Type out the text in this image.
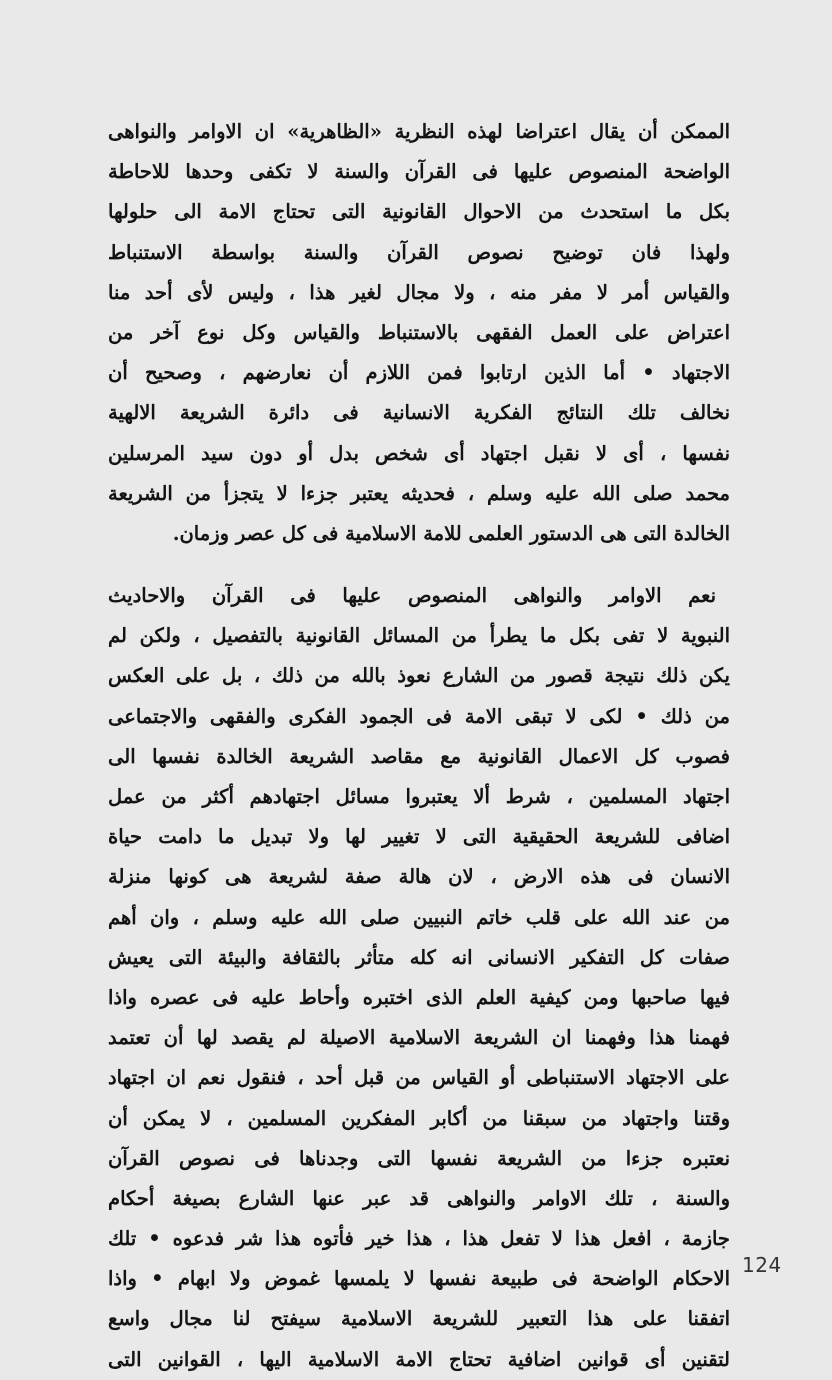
الممكن أن يقال اعتراضا لهذه النظرية «الظاهرية» ان الاوامر والنواهى
الواضحة المنصوص عليها فى القرآن والسنة لا تكفى وحدها للاحاطة
بكل ما استحدث من الاحوال القانونية التى تحتاج الامة الى حلولها
ولهذا فان توضيح نصوص القرآن والسنة بواسطة الاستنباط
والقياس أمر لا مفر منه ، ولا مجال لغير هذا ، وليس لأى أحد منا
اعتراض على العمل الفقهى بالاستنباط والقياس وكل نوع آخر من
الاجتهاد • أما الذين ارتابوا فمن اللازم أن نعارضهم ، وصحيح أن
نخالف تلك النتائج الفكرية الانسانية فى دائرة الشريعة الالهية
نفسها ، أى لا نقبل اجتهاد أى شخص بدل أو دون سيد المرسلين
محمد صلى الله عليه وسلم ، فحديثه يعتبر جزءا لا يتجزأ من الشريعة
الخالدة التى هى الدستور العلمى للامة الاسلامية فى كل عصر وزمان.
نعم الاوامر والنواهى المنصوص عليها فى القرآن والاحاديث
النبوية لا تفى بكل ما يطرأ من المسائل القانونية بالتفصيل ، ولكن لم
يكن ذلك نتيجة قصور من الشارع نعوذ بالله من ذلك ، بل على العكس
من ذلك • لكى لا تبقى الامة فى الجمود الفكرى والفقهى والاجتماعى
فصوب كل الاعمال القانونية مع مقاصد الشريعة الخالدة نفسها الى
اجتهاد المسلمين ، شرط ألا يعتبروا مسائل اجتهادهم أكثر من عمل
اضافى للشريعة الحقيقية التى لا تغيير لها ولا تبديل ما دامت حياة
الانسان فى هذه الارض ، لان هالة صفة لشريعة هى كونها منزلة
من عند الله على قلب خاتم النبيين صلى الله عليه وسلم ، وان أهم
صفات كل التفكير الانسانى انه كله متأثر بالثقافة والبيئة التى يعيش
فيها صاحبها ومن كيفية العلم الذى اختبره وأحاط عليه فى عصره واذا
فهمنا هذا وفهمنا ان الشريعة الاسلامية الاصيلة لم يقصد لها أن تعتمد
على الاجتهاد الاستنباطى أو القياس من قبل أحد ، فنقول نعم ان اجتهاد
وقتنا واجتهاد من سبقنا من أكابر المفكرين المسلمين ، لا يمكن أن
نعتبره جزءا من الشريعة نفسها التى وجدناها فى نصوص القرآن
والسنة ، تلك الاوامر والنواهى قد عبر عنها الشارع بصيغة أحكام
جازمة ، افعل هذا لا تفعل هذا ، هذا خير فأتوه هذا شر فدعوه • تلك
الاحكام الواضحة فى طبيعة نفسها لا يلمسها غموض ولا ابهام • واذا
اتفقنا على هذا التعبير للشريعة الاسلامية سيفتح لنا مجال واسع
لتقنين أى قوانين اضافية تحتاج الامة الاسلامية اليها ، القوانين التى
124
